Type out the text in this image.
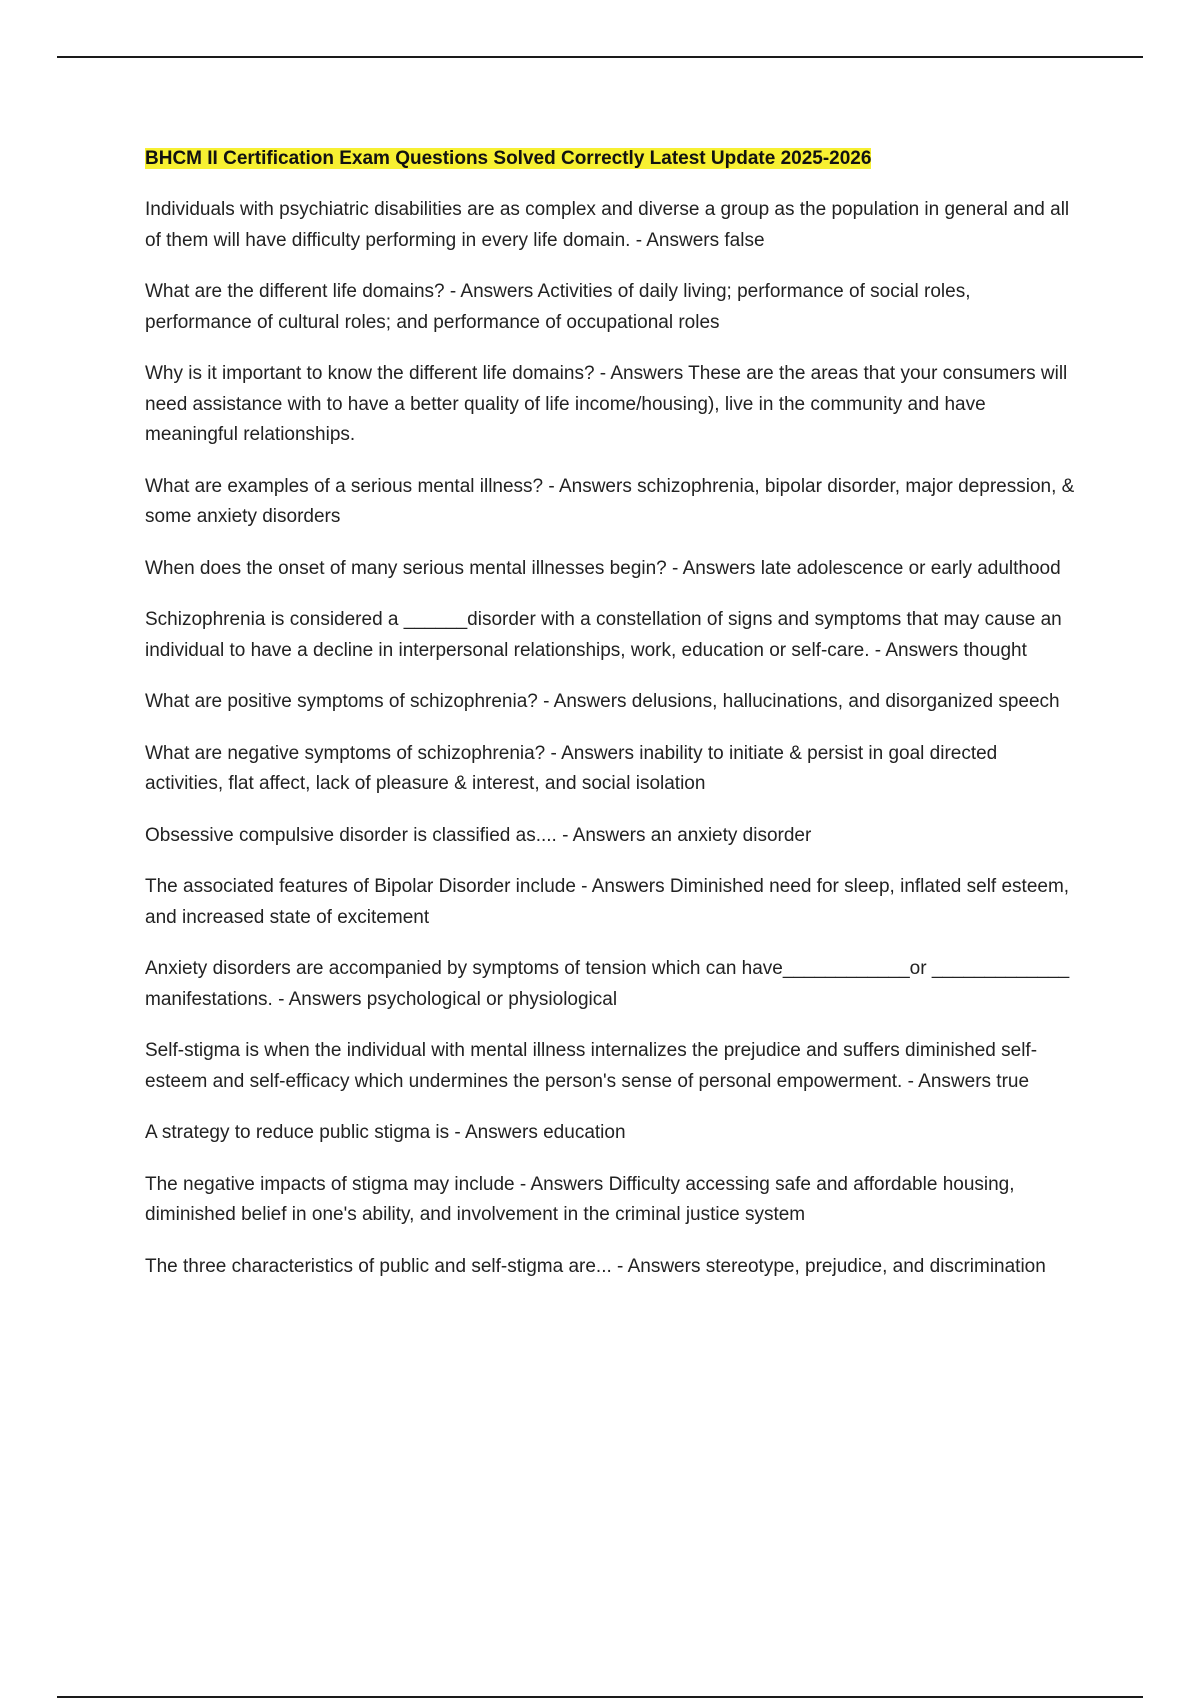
BHCM II Certification Exam Questions Solved Correctly Latest Update 2025-2026

Individuals with psychiatric disabilities are as complex and diverse a group as the population in general and all of them will have difficulty performing in every life domain. - Answers false

What are the different life domains? - Answers Activities of daily living; performance of social roles, performance of cultural roles; and performance of occupational roles

Why is it important to know the different life domains? - Answers These are the areas that your consumers will need assistance with to have a better quality of life income/housing), live in the community and have meaningful relationships.

What are examples of a serious mental illness? - Answers schizophrenia, bipolar disorder, major depression, & some anxiety disorders

When does the onset of many serious mental illnesses begin? - Answers late adolescence or early adulthood

Schizophrenia is considered a ______disorder with a constellation of signs and symptoms that may cause an individual to have a decline in interpersonal relationships, work, education or self-care. - Answers thought

What are positive symptoms of schizophrenia? - Answers delusions, hallucinations, and disorganized speech

What are negative symptoms of schizophrenia? - Answers inability to initiate & persist in goal directed activities, flat affect, lack of pleasure & interest, and social isolation

Obsessive compulsive disorder is classified as.... - Answers an anxiety disorder

The associated features of Bipolar Disorder include - Answers Diminished need for sleep, inflated self esteem, and increased state of excitement

Anxiety disorders are accompanied by symptoms of tension which can have____________or _____________ manifestations. - Answers psychological or physiological

Self-stigma is when the individual with mental illness internalizes the prejudice and suffers diminished self-esteem and self-efficacy which undermines the person's sense of personal empowerment. - Answers true

A strategy to reduce public stigma is - Answers education

The negative impacts of stigma may include - Answers Difficulty accessing safe and affordable housing, diminished belief in one's ability, and involvement in the criminal justice system

The three characteristics of public and self-stigma are... - Answers stereotype, prejudice, and discrimination
